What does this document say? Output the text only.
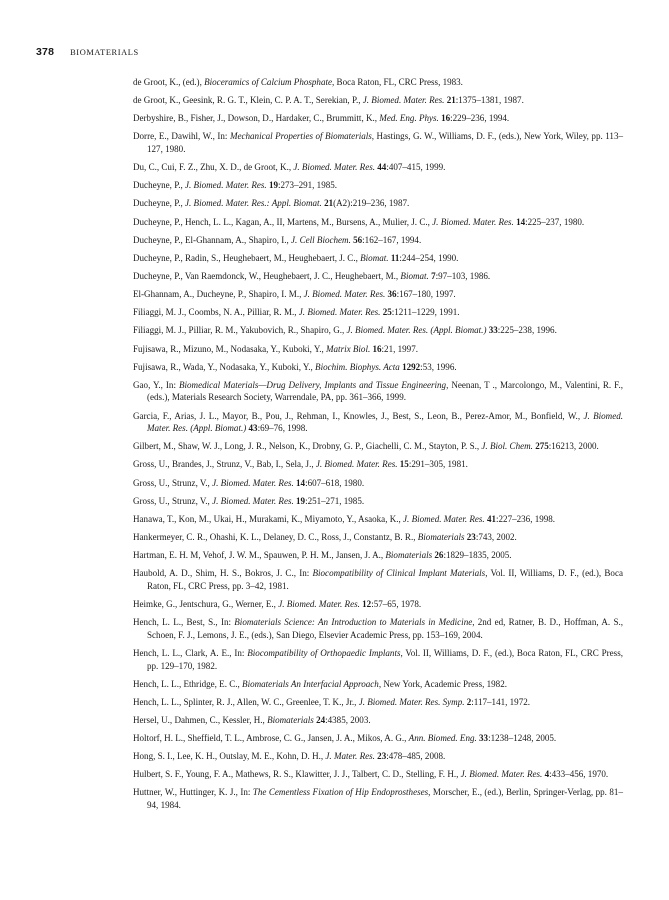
378 BIOMATERIALS
de Groot, K., (ed.), Bioceramics of Calcium Phosphate, Boca Raton, FL, CRC Press, 1983.
de Groot, K., Geesink, R. G. T., Klein, C. P. A. T., Serekian, P., J. Biomed. Mater. Res. 21:1375–1381, 1987.
Derbyshire, B., Fisher, J., Dowson, D., Hardaker, C., Brummitt, K., Med. Eng. Phys. 16:229–236, 1994.
Dorre, E., Dawihl, W., In: Mechanical Properties of Biomaterials, Hastings, G. W., Williams, D. F., (eds.), New York, Wiley, pp. 113–127, 1980.
Du, C., Cui, F. Z., Zhu, X. D., de Groot, K., J. Biomed. Mater. Res. 44:407–415, 1999.
Ducheyne, P., J. Biomed. Mater. Res. 19:273–291, 1985.
Ducheyne, P., J. Biomed. Mater. Res.: Appl. Biomat. 21(A2):219–236, 1987.
Ducheyne, P., Hench, L. L., Kagan, A., II, Martens, M., Bursens, A., Mulier, J. C., J. Biomed. Mater. Res. 14:225–237, 1980.
Ducheyne, P., El-Ghannam, A., Shapiro, I., J. Cell Biochem. 56:162–167, 1994.
Ducheyne, P., Radin, S., Heughebaert, M., Heughebaert, J. C., Biomat. 11:244–254, 1990.
Ducheyne, P., Van Raemdonck, W., Heughebaert, J. C., Heughebaert, M., Biomat. 7:97–103, 1986.
El-Ghannam, A., Ducheyne, P., Shapiro, I. M., J. Biomed. Mater. Res. 36:167–180, 1997.
Filiaggi, M. J., Coombs, N. A., Pilliar, R. M., J. Biomed. Mater. Res. 25:1211–1229, 1991.
Filiaggi, M. J., Pilliar, R. M., Yakubovich, R., Shapiro, G., J. Biomed. Mater. Res. (Appl. Biomat.) 33:225–238, 1996.
Fujisawa, R., Mizuno, M., Nodasaka, Y., Kuboki, Y., Matrix Biol. 16:21, 1997.
Fujisawa, R., Wada, Y., Nodasaka, Y., Kuboki, Y., Biochim. Biophys. Acta 1292:53, 1996.
Gao, Y., In: Biomedical Materials—Drug Delivery, Implants and Tissue Engineering, Neenan, T ., Marcolongo, M., Valentini, R. F., (eds.), Materials Research Society, Warrendale, PA, pp. 361–366, 1999.
Garcia, F., Arias, J. L., Mayor, B., Pou, J., Rehman, I., Knowles, J., Best, S., Leon, B., Perez-Amor, M., Bonfield, W., J. Biomed. Mater. Res. (Appl. Biomat.) 43:69–76, 1998.
Gilbert, M., Shaw, W. J., Long, J. R., Nelson, K., Drobny, G. P., Giachelli, C. M., Stayton, P. S., J. Biol. Chem. 275:16213, 2000.
Gross, U., Brandes, J., Strunz, V., Bab, I., Sela, J., J. Biomed. Mater. Res. 15:291–305, 1981.
Gross, U., Strunz, V., J. Biomed. Mater. Res. 14:607–618, 1980.
Gross, U., Strunz, V., J. Biomed. Mater. Res. 19:251–271, 1985.
Hanawa, T., Kon, M., Ukai, H., Murakami, K., Miyamoto, Y., Asaoka, K., J. Biomed. Mater. Res. 41:227–236, 1998.
Hankermeyer, C. R., Ohashi, K. L., Delaney, D. C., Ross, J., Constantz, B. R., Biomaterials 23:743, 2002.
Hartman, E. H. M, Vehof, J. W. M., Spauwen, P. H. M., Jansen, J. A., Biomaterials 26:1829–1835, 2005.
Haubold, A. D., Shim, H. S., Bokros, J. C., In: Biocompatibility of Clinical Implant Materials, Vol. II, Williams, D. F., (ed.), Boca Raton, FL, CRC Press, pp. 3–42, 1981.
Heimke, G., Jentschura, G., Werner, E., J. Biomed. Mater. Res. 12:57–65, 1978.
Hench, L. L., Best, S., In: Biomaterials Science: An Introduction to Materials in Medicine, 2nd ed, Ratner, B. D., Hoffman, A. S., Schoen, F. J., Lemons, J. E., (eds.), San Diego, Elsevier Academic Press, pp. 153–169, 2004.
Hench, L. L., Clark, A. E., In: Biocompatibility of Orthopaedic Implants, Vol. II, Williams, D. F., (ed.), Boca Raton, FL, CRC Press, pp. 129–170, 1982.
Hench, L. L., Ethridge, E. C., Biomaterials An Interfacial Approach, New York, Academic Press, 1982.
Hench, L. L., Splinter, R. J., Allen, W. C., Greenlee, T. K., Jr., J. Biomed. Mater. Res. Symp. 2:117–141, 1972.
Hersel, U., Dahmen, C., Kessler, H., Biomaterials 24:4385, 2003.
Holtorf, H. L., Sheffield, T. L., Ambrose, C. G., Jansen, J. A., Mikos, A. G., Ann. Biomed. Eng. 33:1238–1248, 2005.
Hong, S. I., Lee, K. H., Outslay, M. E., Kohn, D. H., J. Mater. Res. 23:478–485, 2008.
Hulbert, S. F., Young, F. A., Mathews, R. S., Klawitter, J. J., Talbert, C. D., Stelling, F. H., J. Biomed. Mater. Res. 4:433–456, 1970.
Huttner, W., Huttinger, K. J., In: The Cementless Fixation of Hip Endoprostheses, Morscher, E., (ed.), Berlin, Springer-Verlag, pp. 81–94, 1984.
